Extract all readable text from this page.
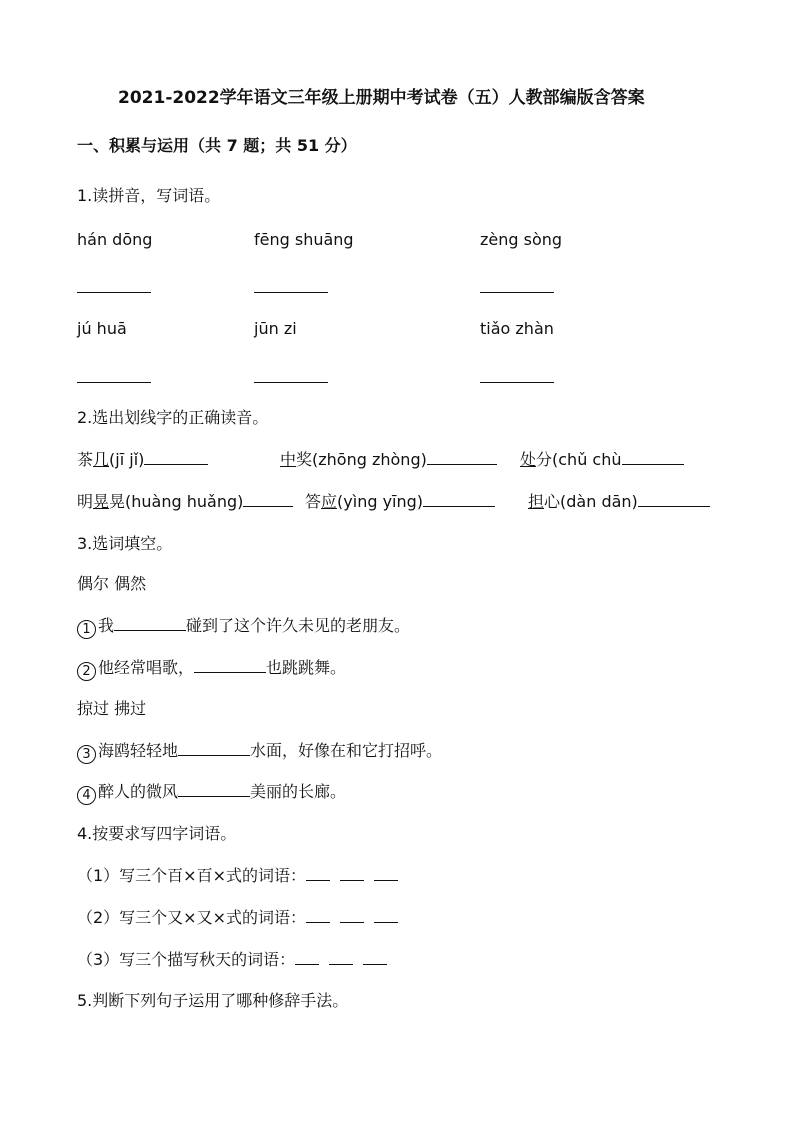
2021-2022学年语文三年级上册期中考试卷（五）人教部编版含答案
一、积累与运用（共 7 题；共 51 分）
1.读拼音，写词语。
hán dōng	fēng shuāng	zèng sòng
jú huā	jūn zi	tiǎo zhàn
2.选出划线字的正确读音。
茶几(jī jǐ)	中奖(zhōng zhòng)	处分(chǔ chù
明晃晃(huàng huǎng)	答应(yìng yīng)	担心(dàn dān)
3.选词填空。
偶尔 偶然
1 我	碰到了这个许久未见的老朋友。
2 他经常唱歌，	也跳跳舞。
掠过 拂过
3 海鸥轻轻地	水面，好像在和它打招呼。
4 醉人的微风	美丽的长廊。
4.按要求写四字词语。
（1）写三个百×百×式的词语：
（2）写三个又×又×式的词语：
（3）写三个描写秋天的词语：
5.判断下列句子运用了哪种修辞手法。
